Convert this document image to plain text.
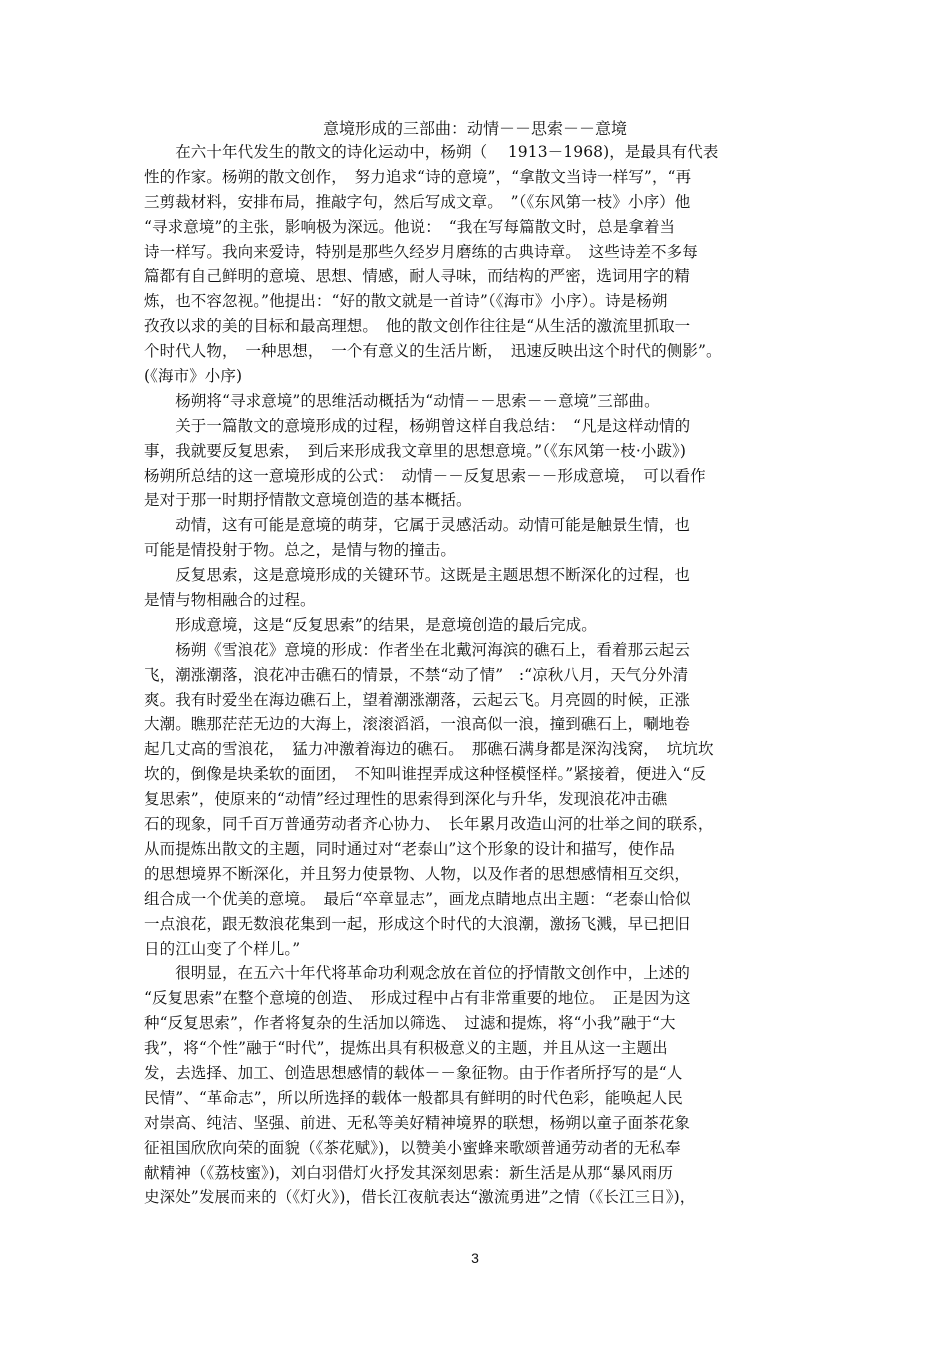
意境形成的三部曲：动情－－思索－－意境
　　在六十年代发生的散文的诗化运动中，杨朔（　 1913－1968)，是最具有代表
性的作家。杨朔的散文创作，　努力追求“诗的意境”，“拿散文当诗一样写”，“再
三剪裁材料，安排布局，推敲字句，然后写成文章。　”（《东风第一枝》小序）他
“寻求意境”的主张，影响极为深远。他说：　“我在写每篇散文时，总是拿着当
诗一样写。我向来爱诗，特别是那些久经岁月磨练的古典诗章。　这些诗差不多每
篇都有自己鲜明的意境、思想、情感，耐人寻味，而结构的严密，选词用字的精
炼，也不容忽视。”他提出：“好的散文就是一首诗”（《海市》小序）。诗是杨朔
孜孜以求的美的目标和最高理想。　他的散文创作往往是“从生活的激流里抓取一
个时代人物，　一种思想，　一个有意义的生活片断，　迅速反映出这个时代的侧影”。
(《海市》小序)
　　杨朔将“寻求意境”的思维活动概括为“动情－－思索－－意境”三部曲。
　　关于一篇散文的意境形成的过程，杨朔曾这样自我总结：　“凡是这样动情的
事，我就要反复思索，　到后来形成我文章里的思想意境。”（《东风第一枝·小跋》)
杨朔所总结的这一意境形成的公式：　动情－－反复思索－－形成意境，　可以看作
是对于那一时期抒情散文意境创造的基本概括。
　　动情，这有可能是意境的萌芽，它属于灵感活动。动情可能是触景生情，也
可能是情投射于物。总之，是情与物的撞击。
　　反复思索，这是意境形成的关键环节。这既是主题思想不断深化的过程，也
是情与物相融合的过程。
　　形成意境，这是“反复思索”的结果，是意境创造的最后完成。
　　杨朔《雪浪花》意境的形成：作者坐在北戴河海滨的礁石上，看着那云起云
飞，潮涨潮落，浪花冲击礁石的情景，不禁“动了情”　:“凉秋八月，天气分外清
爽。我有时爱坐在海边礁石上，望着潮涨潮落，云起云飞。月亮圆的时候，正涨
大潮。瞧那茫茫无边的大海上，滚滚滔滔，一浪高似一浪，撞到礁石上，唰地卷
起几丈高的雪浪花，　猛力冲激着海边的礁石。　那礁石满身都是深沟浅窝，　坑坑坎
坎的，倒像是块柔软的面团，　不知叫谁捏弄成这种怪模怪样。”紧接着，便进入“反
复思索”，使原来的“动情”经过理性的思索得到深化与升华，发现浪花冲击礁
石的现象，同千百万普通劳动者齐心协力、　长年累月改造山河的壮举之间的联系，
从而提炼出散文的主题，同时通过对“老泰山”这个形象的设计和描写，使作品
的思想境界不断深化，并且努力使景物、人物，以及作者的思想感情相互交织，
组合成一个优美的意境。　最后“卒章显志”，画龙点睛地点出主题：“老泰山恰似
一点浪花，跟无数浪花集到一起，形成这个时代的大浪潮，激扬飞溅，早已把旧
日的江山变了个样儿。”
　　很明显，在五六十年代将革命功利观念放在首位的抒情散文创作中，上述的
“反复思索”在整个意境的创造、　形成过程中占有非常重要的地位。　正是因为这
种“反复思索”，作者将复杂的生活加以筛选、　过滤和提炼，将“小我”融于“大
我”，将“个性”融于“时代”，提炼出具有积极意义的主题，并且从这一主题出
发，去选择、加工、创造思想感情的载体－－象征物。由于作者所抒写的是“人
民情”、“革命志”，所以所选择的载体一般都具有鲜明的时代色彩，能唤起人民
对崇高、纯洁、坚强、前进、无私等美好精神境界的联想，杨朔以童子面茶花象
征祖国欣欣向荣的面貌（《茶花赋》)，以赞美小蜜蜂来歌颂普通劳动者的无私奉
献精神（《荔枝蜜》)，刘白羽借灯火抒发其深刻思索：新生活是从那“暴风雨历
史深处”发展而来的（《灯火》)，借长江夜航表达“激流勇进”之情（《长江三日》)，
3
